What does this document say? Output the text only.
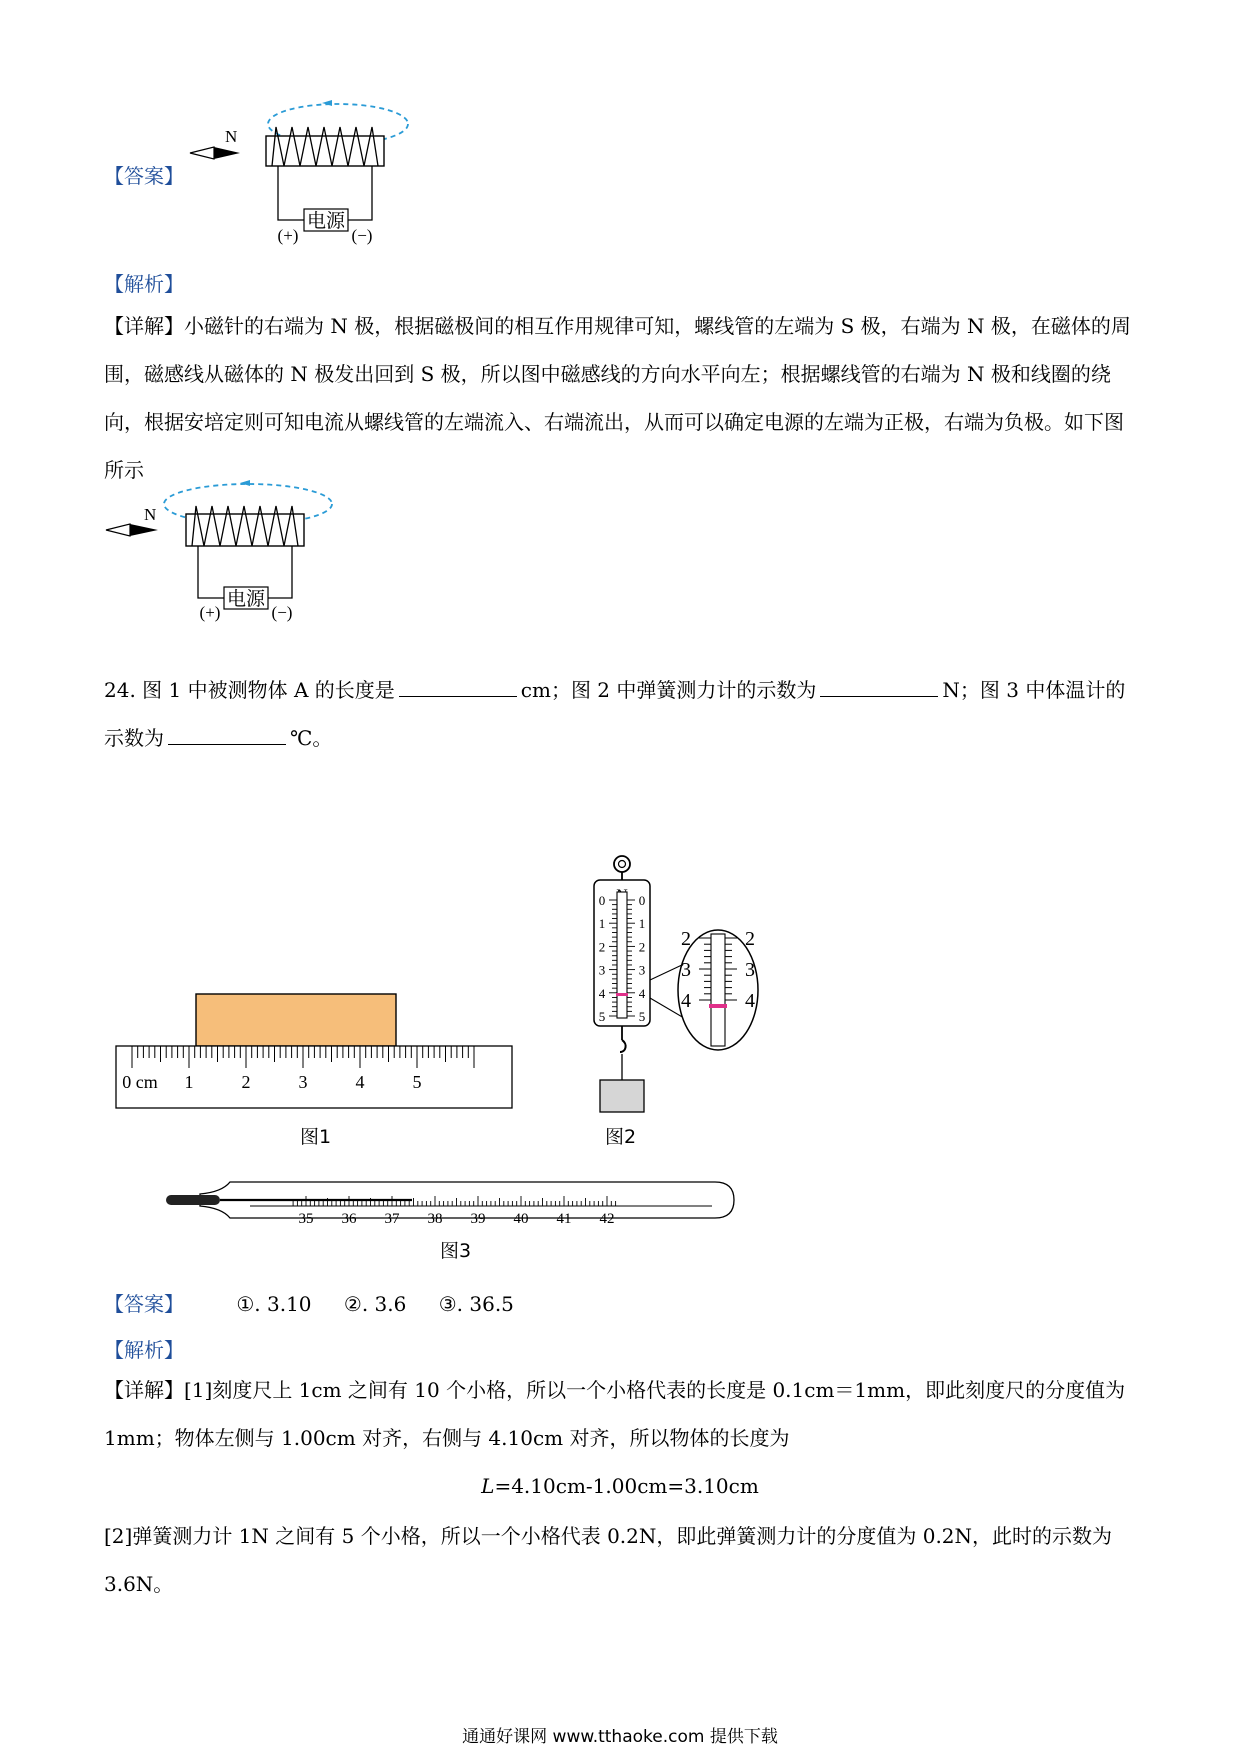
【答案】
电源
(+)	(−)
N
【解析】
【详解】小磁针的右端为 N 极，根据磁极间的相互作用规律可知，螺线管的左端为 S 极，右端为 N 极，在磁体的周围，磁感线从磁体的 N 极发出回到 S 极，所以图中磁感线的方向水平向左；根据螺线管的右端为 N 极和线圈的绕向，根据安培定则可知电流从螺线管的左端流入、右端流出，从而可以确定电源的左端为正极，右端为负极。如下图所示
电源
(+)	(−)
N
24. 图 1 中被测物体 A 的长度是	cm；图 2 中弹簧测力计的示数为	N；图 3 中体温计的示数为	℃。
0 cm 1	2	3	4	5
图1
0	0
1	1
2	2
3	3
4	4
5	5
2	2
3	3
4	4
图2
35 36 37 38 39 40 41 42
图3
【答案】	①. 3.10 ②. 3.6 ③. 36.5
【解析】
【详解】[1]刻度尺上 1cm 之间有 10 个小格，所以一个小格代表的长度是 0.1cm＝1mm，即此刻度尺的分度值为 1mm；物体左侧与 1.00cm 对齐，右侧与 4.10cm 对齐，所以物体的长度为
L=4.10cm-1.00cm=3.10cm
[2]弹簧测力计 1N 之间有 5 个小格，所以一个小格代表 0.2N，即此弹簧测力计的分度值为 0.2N，此时的示数为 3.6N。
通通好课网 www.tthaoke.com 提供下载
